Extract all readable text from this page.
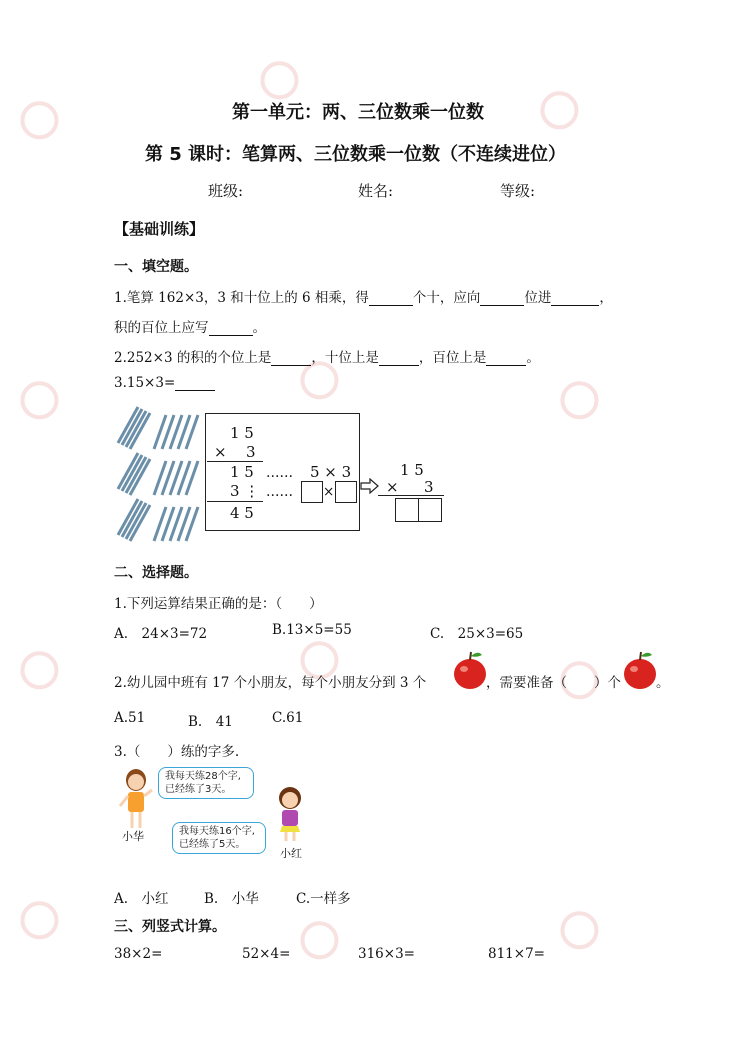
第一单元：两、三位数乘一位数
第 5 课时：笔算两、三位数乘一位数（不连续进位）
班级:	姓名:	等级:
【基础训练】
一、填空题。
1.笔算 162×3，3 和十位上的 6 相乘，得	个十，应向	位进	，
积的百位上应写	。
2.252×3 的积的个位上是	，十位上是	，百位上是	。
3.15×3=
1 5
× 3
1 5 …… 5 × 3
3 ⋮ …… ×
4 5
1 5
× 3
二、选择题。
1.下列运算结果正确的是：（　　）
A.　24×3=72	B.13×5=55	C.　25×3=65
2.幼儿园中班有 17 个小朋友，每个小朋友分到 3 个	，需要准备（　　）个	。
A.51	B.　41	C.61
3.（　　）练的字多.
小华
我每天练28个字,
已经练了3天。
我每天练16个字,
已经练了5天。
小红
A.　小红	B.　小华	C.一样多
三、列竖式计算。
38×2=	52×4=	316×3=	811×7=
